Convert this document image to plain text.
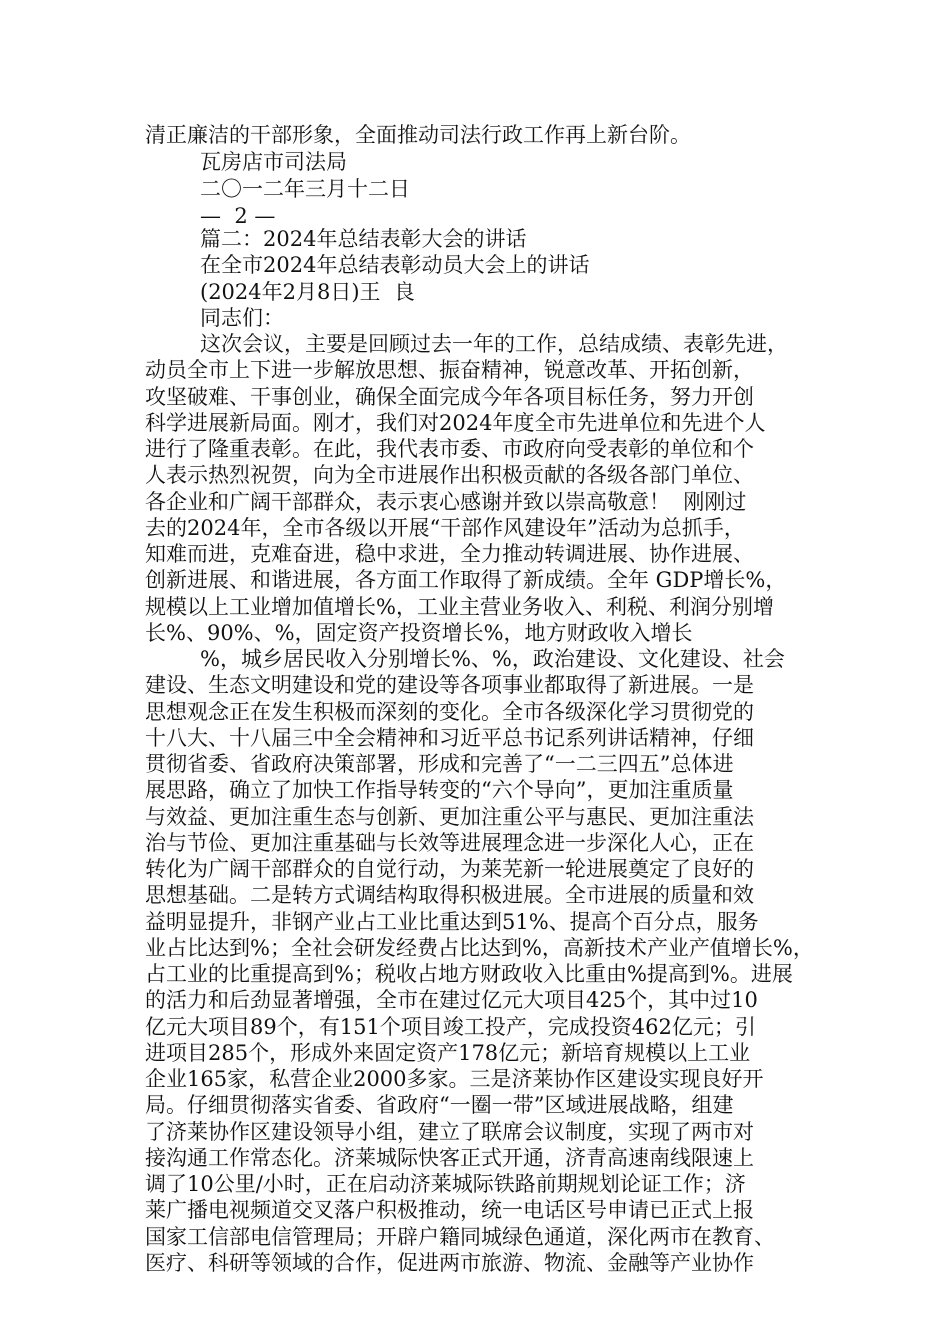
清正廉洁的干部形象，全面推动司法行政工作再上新台阶。
瓦房店市司法局
二〇一二年三月十二日
—  2 —
篇二：2024年总结表彰大会的讲话
在全市2024年总结表彰动员大会上的讲话
(2024年2月8日)王  良
同志们：
这次会议，主要是回顾过去一年的工作，总结成绩、表彰先进，
动员全市上下进一步解放思想、振奋精神，锐意改革、开拓创新，
攻坚破难、干事创业，确保全面完成今年各项目标任务，努力开创
科学进展新局面。刚才，我们对2024年度全市先进单位和先进个人
进行了隆重表彰。在此，我代表市委、市政府向受表彰的单位和个
人表示热烈祝贺，向为全市进展作出积极贡献的各级各部门单位、
各企业和广阔干部群众，表示衷心感谢并致以崇高敬意！  刚刚过
去的2024年，全市各级以开展“干部作风建设年”活动为总抓手，
知难而进，克难奋进，稳中求进，全力推动转调进展、协作进展、
创新进展、和谐进展，各方面工作取得了新成绩。全年 GDP增长%，
规模以上工业增加值增长%，工业主营业务收入、利税、利润分别增
长%、90%、%，固定资产投资增长%，地方财政收入增长
%，城乡居民收入分别增长%、%，政治建设、文化建设、社会
建设、生态文明建设和党的建设等各项事业都取得了新进展。一是
思想观念正在发生积极而深刻的变化。全市各级深化学习贯彻党的
十八大、十八届三中全会精神和习近平总书记系列讲话精神，仔细
贯彻省委、省政府决策部署，形成和完善了“一二三四五”总体进
展思路，确立了加快工作指导转变的“六个导向”，更加注重质量
与效益、更加注重生态与创新、更加注重公平与惠民、更加注重法
治与节俭、更加注重基础与长效等进展理念进一步深化人心，正在
转化为广阔干部群众的自觉行动，为莱芜新一轮进展奠定了良好的
思想基础。二是转方式调结构取得积极进展。全市进展的质量和效
益明显提升，非钢产业占工业比重达到51%、提高个百分点，服务
业占比达到%；全社会研发经费占比达到%，高新技术产业产值增长%，
占工业的比重提高到%；税收占地方财政收入比重由%提高到%。进展
的活力和后劲显著增强，全市在建过亿元大项目425个，其中过10
亿元大项目89个，有151个项目竣工投产，完成投资462亿元；引
进项目285个，形成外来固定资产178亿元；新培育规模以上工业
企业165家，私营企业2000多家。三是济莱协作区建设实现良好开
局。仔细贯彻落实省委、省政府“一圈一带”区域进展战略，组建
了济莱协作区建设领导小组，建立了联席会议制度，实现了两市对
接沟通工作常态化。济莱城际快客正式开通，济青高速南线限速上
调了10公里/小时，正在启动济莱城际铁路前期规划论证工作；济
莱广播电视频道交叉落户积极推动，统一电话区号申请已正式上报
国家工信部电信管理局；开辟户籍同城绿色通道，深化两市在教育、
医疗、科研等领域的合作，促进两市旅游、物流、金融等产业协作
